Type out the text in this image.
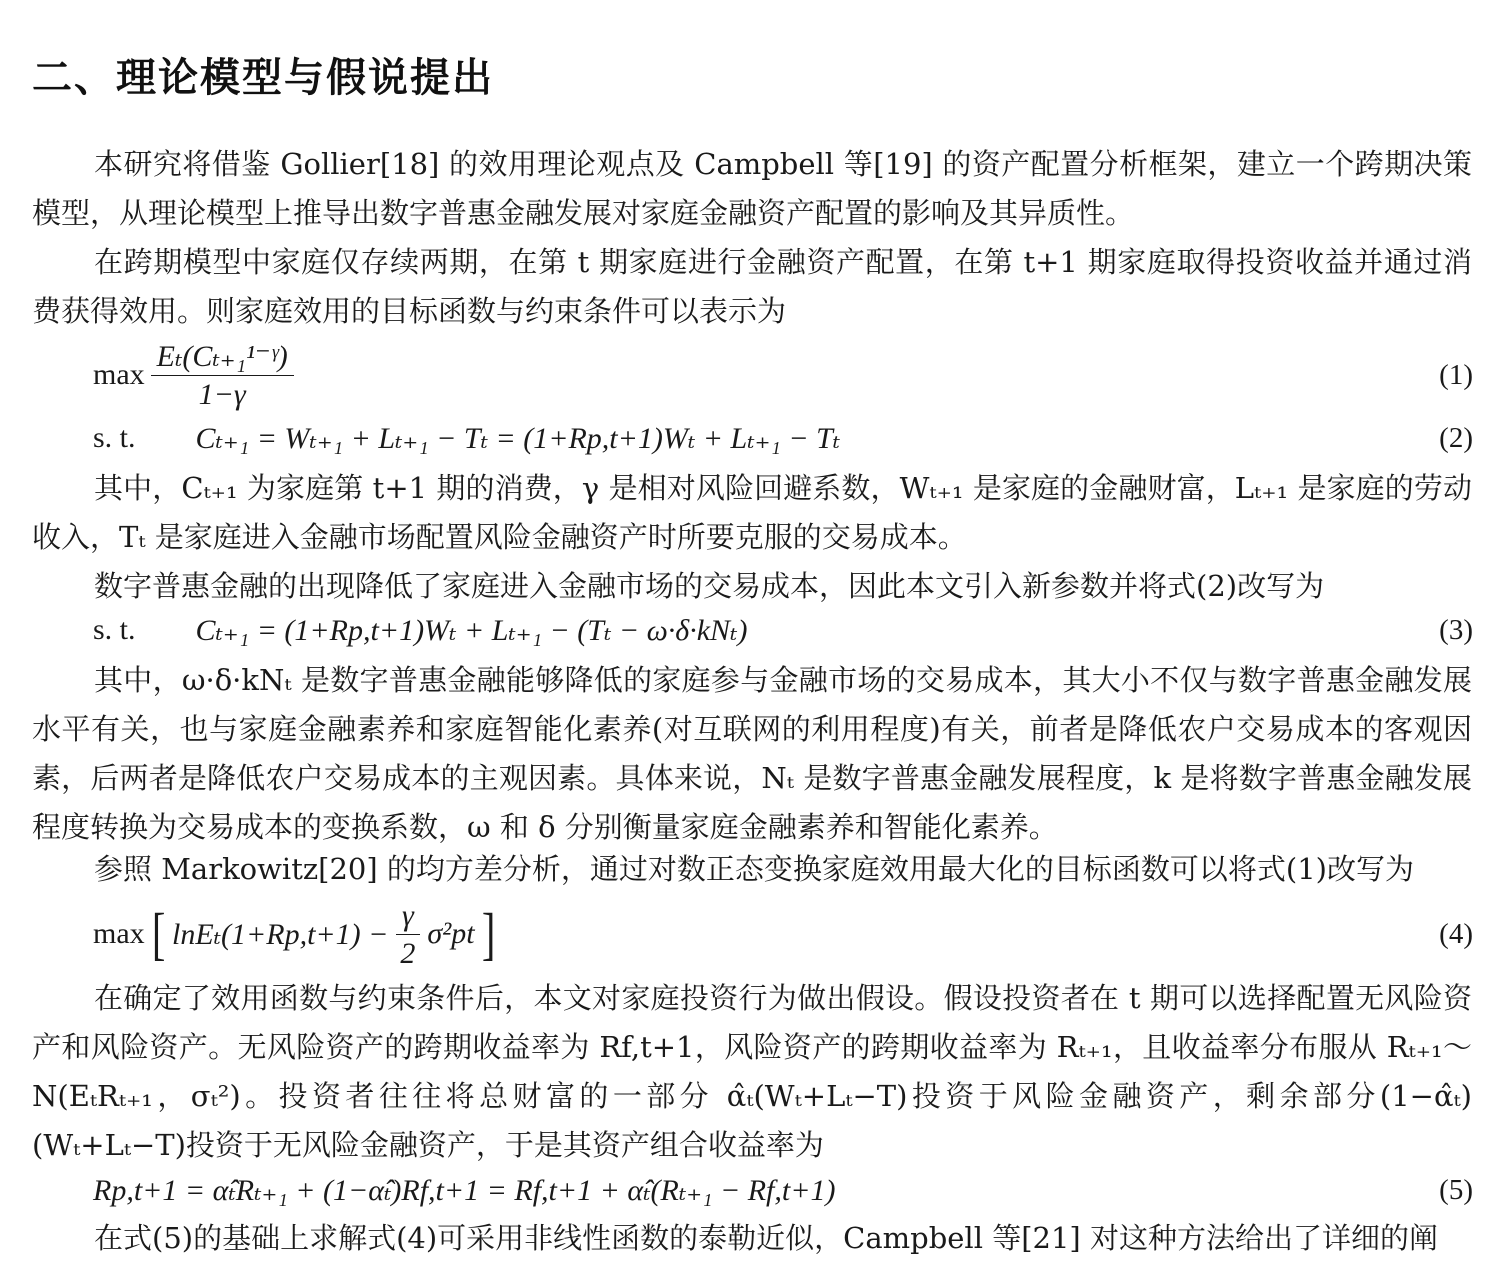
二、理论模型与假说提出

本研究将借鉴 Gollier[18] 的效用理论观点及 Campbell 等[19] 的资产配置分析框架，建立一个跨期决策模型，从理论模型上推导出数字普惠金融发展对家庭金融资产配置的影响及其异质性。

在跨期模型中家庭仅存续两期，在第 t 期家庭进行金融资产配置，在第 t+1 期家庭取得投资收益并通过消费获得效用。则家庭效用的目标函数与约束条件可以表示为

$\max \frac{\text{Eₜ(Cₜ₊₁¹⁻ᵞ)}}{1-\gamma}$	(1)
s. t. Cₜ₊₁ = Wₜ₊₁ + Lₜ₊₁ − Tₜ = (1+Rp,t+1)Wₜ + Lₜ₊₁ − Tₜ	(2)

其中，Cₜ₊₁ 为家庭第 t+1 期的消费，γ 是相对风险回避系数，Wₜ₊₁ 是家庭的金融财富，Lₜ₊₁ 是家庭的劳动收入，Tₜ 是家庭进入金融市场配置风险金融资产时所要克服的交易成本。

数字普惠金融的出现降低了家庭进入金融市场的交易成本，因此本文引入新参数并将式(2)改写为

s. t. Cₜ₊₁ = (1+Rp,t+1)Wₜ + Lₜ₊₁ − (Tₜ − ω·δ·kNₜ)	(3)

其中，ω·δ·kNₜ 是数字普惠金融能够降低的家庭参与金融市场的交易成本，其大小不仅与数字普惠金融发展水平有关，也与家庭金融素养和家庭智能化素养(对互联网的利用程度)有关，前者是降低农户交易成本的客观因素，后两者是降低农户交易成本的主观因素。具体来说，Nₜ 是数字普惠金融发展程度，k 是将数字普惠金融发展程度转换为交易成本的变换系数，ω 和 δ 分别衡量家庭金融素养和智能化素养。

参照 Markowitz[20] 的均方差分析，通过对数正态变换家庭效用最大化的目标函数可以将式(1)改写为

max [ $\ln E_t(1+Rp,t+1) - \frac{\gamma}{2} \sigma^2pt$ ]	(4)

在确定了效用函数与约束条件后，本文对家庭投资行为做出假设。假设投资者在 t 期可以选择配置无风险资产和风险资产。无风险资产的跨期收益率为 Rf,t+1，风险资产的跨期收益率为 Rₜ₊₁，且收益率分布服从 Rₜ₊₁～N(EₜRₜ₊₁，σₜ²)。投资者往往将总财富的一部分 α̂ₜ(Wₜ+Lₜ−T)投资于风险金融资产，剩余部分(1−α̂ₜ)(Wₜ+Lₜ−T)投资于无风险金融资产，于是其资产组合收益率为

Rp,t+1 = α̂ₜRₜ₊₁ + (1−α̂ₜ)Rf,t+1 = Rf,t+1 + α̂ₜ(Rₜ₊₁ − Rf,t+1)	(5)

在式(5)的基础上求解式(4)可采用非线性函数的泰勒近似，Campbell 等[21] 对这种方法给出了详细的阐
